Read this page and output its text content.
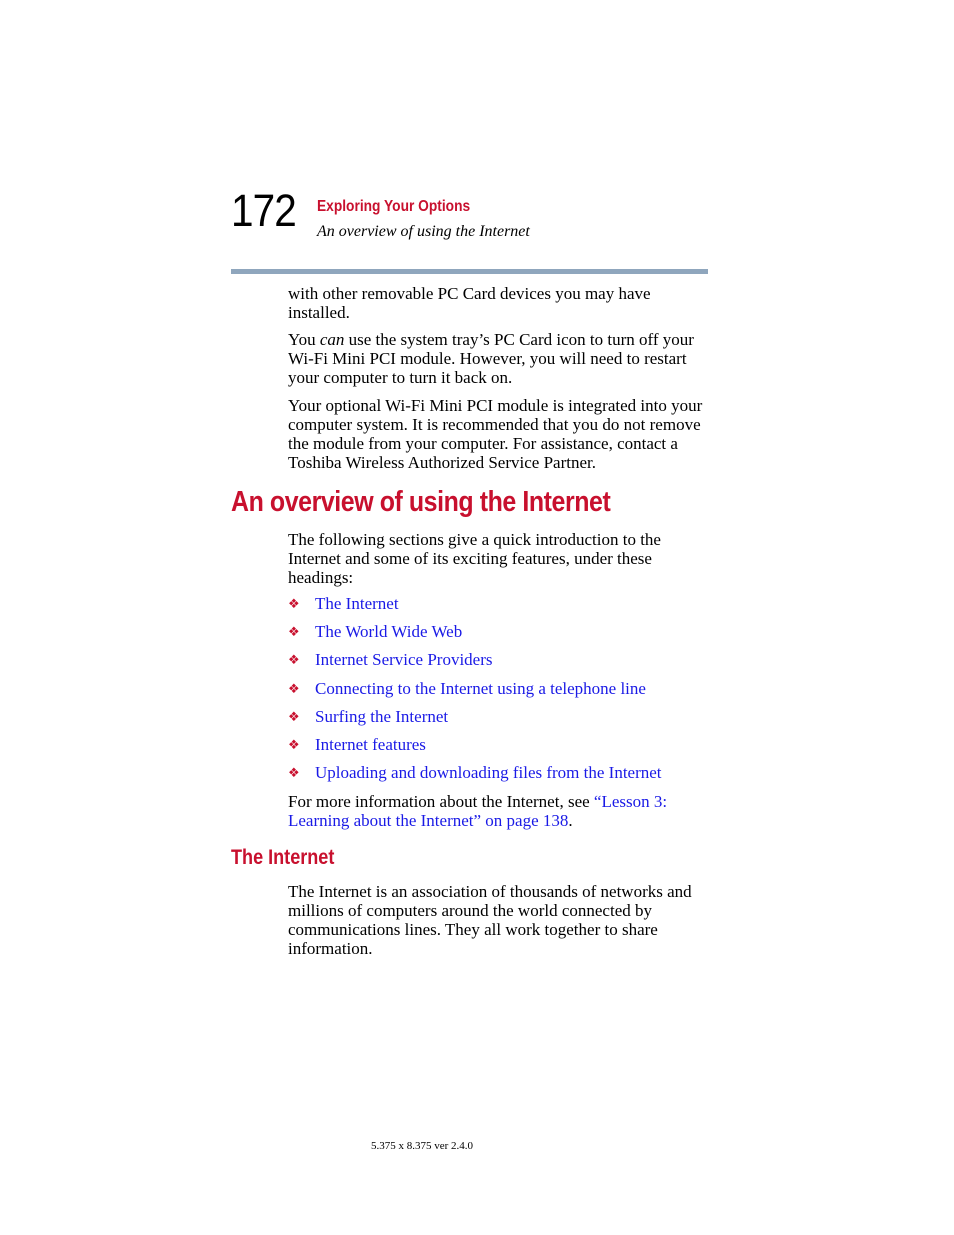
172 Exploring Your Options
An overview of using the Internet

with other removable PC Card devices you may have installed.

You can use the system tray’s PC Card icon to turn off your Wi-Fi Mini PCI module. However, you will need to restart your computer to turn it back on.

Your optional Wi-Fi Mini PCI module is integrated into your computer system. It is recommended that you do not remove the module from your computer. For assistance, contact a Toshiba Wireless Authorized Service Partner.

An overview of using the Internet

The following sections give a quick introduction to the Internet and some of its exciting features, under these headings:

❖ The Internet
❖ The World Wide Web
❖ Internet Service Providers
❖ Connecting to the Internet using a telephone line
❖ Surfing the Internet
❖ Internet features
❖ Uploading and downloading files from the Internet

For more information about the Internet, see “Lesson 3: Learning about the Internet” on page 138.

The Internet

The Internet is an association of thousands of networks and millions of computers around the world connected by communications lines. They all work together to share information.

5.375 x 8.375 ver 2.4.0
